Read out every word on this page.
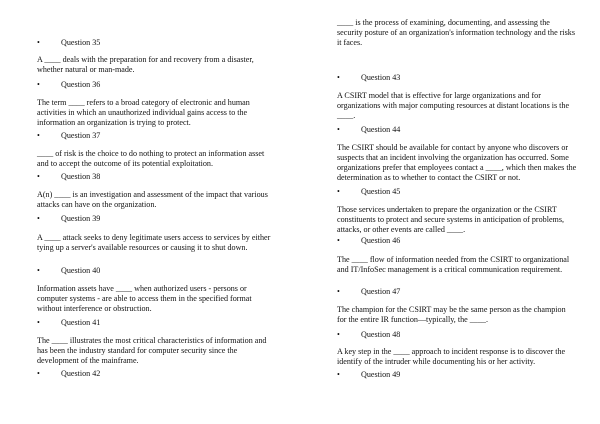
•	Question 35

A ____ deals with the preparation for and recovery from a disaster, whether natural or man-made.

•	Question 36

The term ____ refers to a broad category of electronic and human activities in which an unauthorized individual gains access to the information an organization is trying to protect.

•	Question 37

____ of risk is the choice to do nothing to protect an information asset and to accept the outcome of its potential exploitation.

•	Question 38

A(n) ____ is an investigation and assessment of the impact that various attacks can have on the organization.

•	Question 39

A ____ attack seeks to deny legitimate users access to services by either tying up a server's available resources or causing it to shut down.

•	Question 40

Information assets have ____ when authorized users - persons or computer systems - are able to access them in the specified format without interference or obstruction.

•	Question 41

The ____ illustrates the most critical characteristics of information and has been the industry standard for computer security since the development of the mainframe.

•	Question 42

____ is the process of examining, documenting, and assessing the security posture of an organization's information technology and the risks it faces.

•	Question 43

A CSIRT model that is effective for large organizations and for organizations with major computing resources at distant locations is the ____.

•	Question 44

The CSIRT should be available for contact by anyone who discovers or suspects that an incident involving the organization has occurred. Some organizations prefer that employees contact a ____, which then makes the determination as to whether to contact the CSIRT or not.

•	Question 45

Those services undertaken to prepare the organization or the CSIRT constituents to protect and secure systems in anticipation of problems, attacks, or other events are called ____.

•	Question 46

The ____ flow of information needed from the CSIRT to organizational and IT/InfoSec management is a critical communication requirement.

•	Question 47

The champion for the CSIRT may be the same person as the champion for the entire IR function—typically, the ____.

•	Question 48

A key step in the ____ approach to incident response is to discover the identify of the intruder while documenting his or her activity.

•	Question 49
